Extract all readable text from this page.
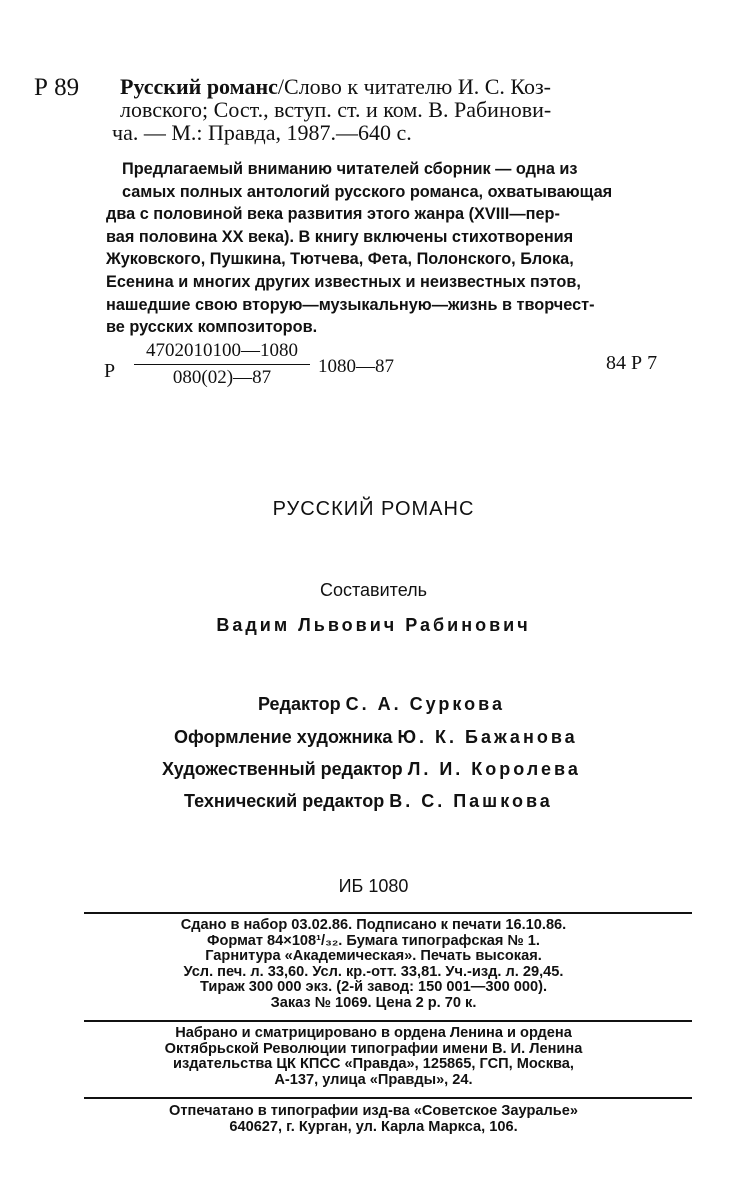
Р 89 Русский романс/Слово к читателю И. С. Коз-
ловского; Сост., вступ. ст. и ком. В. Рабинови-
ча. — М.: Правда, 1987.—640 с.
Предлагаемый вниманию читателей сборник — одна из
самых полных антологий русского романса, охватывающая
два с половиной века развития этого жанра (XVIII—пер-
вая половина XX века). В книгу включены стихотворения
Жуковского, Пушкина, Тютчева, Фета, Полонского, Блока,
Есенина и многих других известных и неизвестных пэтов,
нашедшие свою вторую—музыкальную—жизнь в творчест-
ве русских композиторов.
Р
4702010100—1080
080(02)—87
1080—87	84 Р 7
РУССКИЙ РОМАНС
Составитель
Вадим Львович Рабинович
Редактор С. А. Суркова
Оформление художника Ю. К. Бажанова
Художественный редактор Л. И. Королева
Технический редактор В. С. Пашкова
ИБ 1080
Сдано в набор 03.02.86. Подписано к печати 16.10.86.
Формат 84×108¹/₃₂. Бумага типографская № 1.
Гарнитура «Академическая». Печать высокая.
Усл. печ. л. 33,60. Усл. кр.-отт. 33,81. Уч.-изд. л. 29,45.
Тираж 300 000 экз. (2-й завод: 150 001—300 000).
Заказ № 1069. Цена 2 р. 70 к.
Набрано и сматрицировано в ордена Ленина и ордена
Октябрьской Революции типографии имени В. И. Ленина
издательства ЦК КПСС «Правда», 125865, ГСП, Москва,
А-137, улица «Правды», 24.
Отпечатано в типографии изд-ва «Советское Зауралье»
640627, г. Курган, ул. Карла Маркса, 106.
